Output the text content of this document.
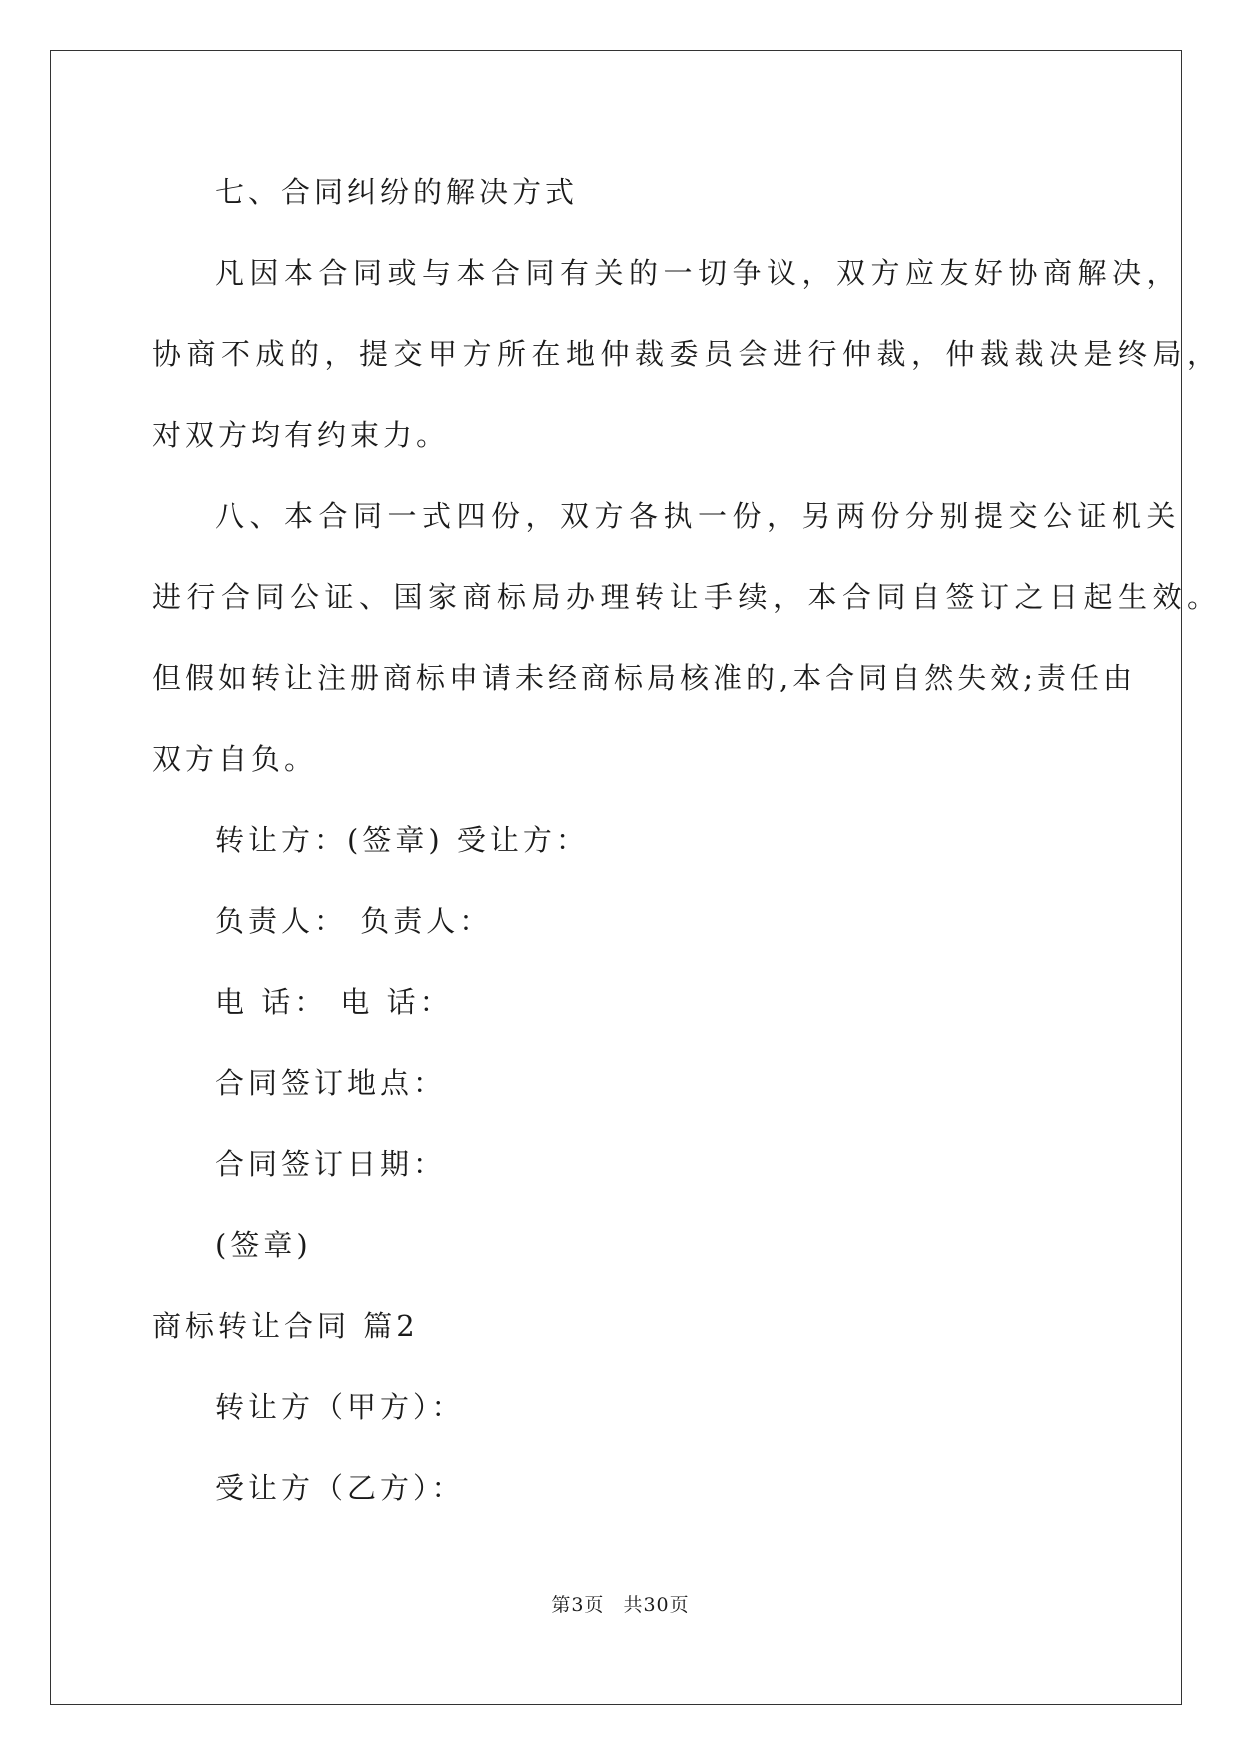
七、合同纠纷的解决方式
凡因本合同或与本合同有关的一切争议，双方应友好协商解决，
协商不成的，提交甲方所在地仲裁委员会进行仲裁，仲裁裁决是终局，
对双方均有约束力。
八、本合同一式四份，双方各执一份，另两份分别提交公证机关
进行合同公证、国家商标局办理转让手续，本合同自签订之日起生效。
但假如转让注册商标申请未经商标局核准的,本合同自然失效;责任由
双方自负。
转让方：(签章) 受让方：
负责人： 负责人：
电 话： 电 话：
合同签订地点：
合同签订日期：
(签章)
商标转让合同 篇2
转让方（甲方）：
受让方（乙方）：
第3页 共30页
